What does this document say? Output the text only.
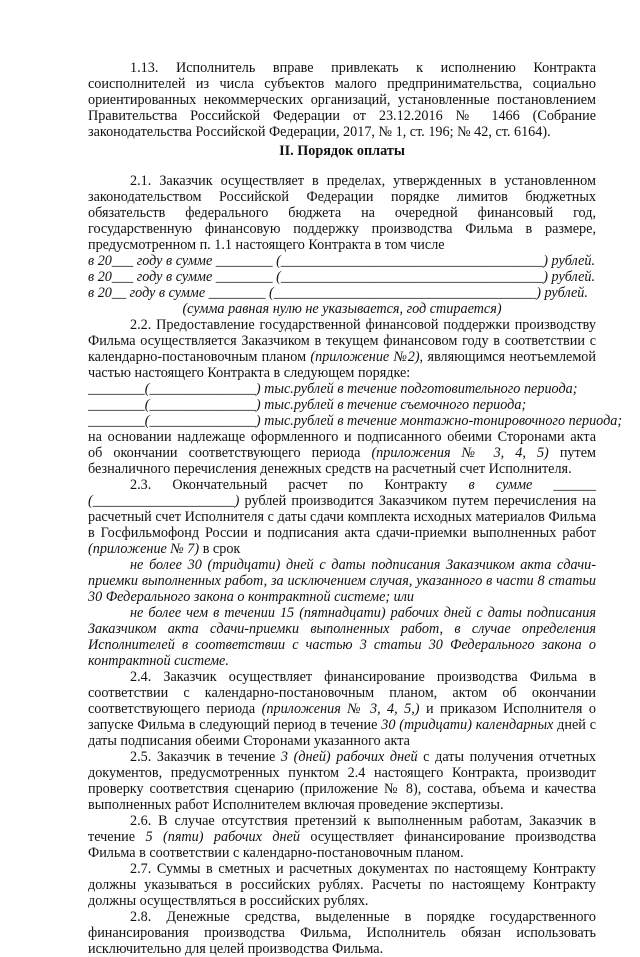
1.13. Исполнитель вправе привлекать к исполнению Контракта соисполнителей из числа субъектов малого предпринимательства, социально ориентированных некоммерческих организаций, установленные постановлением Правительства Российской Федерации от 23.12.2016 № 1466 (Собрание законодательства Российской Федерации, 2017, № 1, ст. 196; № 42, ст. 6164).

II. Порядок оплаты

2.1. Заказчик осуществляет в пределах, утвержденных в установленном законодательством Российской Федерации порядке лимитов бюджетных обязательств федерального бюджета на очередной финансовый год, государственную финансовую поддержку производства Фильма в размере, предусмотренном п. 1.1 настоящего Контракта в том числе

в 20___ году в сумме ________ (_____________________________________) рублей.
в 20___ году в сумме ________ (_____________________________________) рублей.
в 20__ году в сумме ________ (_____________________________________) рублей.
(сумма равная нулю не указывается, год стирается)

2.2. Предоставление государственной финансовой поддержки производству Фильма осуществляется Заказчиком в текущем финансовом году в соответствии с календарно-постановочным планом (приложение №2), являющимся неотъемлемой частью настоящего Контракта в следующем порядке:

________(_______________) тыс.рублей в течение подготовительного периода;
________(_______________) тыс.рублей в течение съемочного периода;
________(_______________) тыс.рублей в течение монтажно-тонировочного периода;

на основании надлежаще оформленного и подписанного обеими Сторонами акта об окончании соответствующего периода (приложения № 3, 4, 5) путем безналичного перечисления денежных средств на расчетный счет Исполнителя.

2.3. Окончательный расчет по Контракту в сумме ______ (____________________) рублей производится Заказчиком путем перечисления на расчетный счет Исполнителя с даты сдачи комплекта исходных материалов Фильма в Госфильмофонд России и подписания акта сдачи-приемки выполненных работ (приложение № 7) в срок

не более 30 (тридцати) дней с даты подписания Заказчиком акта сдачи-приемки выполненных работ, за исключением случая, указанного в части 8 статьи 30 Федерального закона о контрактной системе; или

не более чем в течении 15 (пятнадцати) рабочих дней с даты подписания Заказчиком акта сдачи-приемки выполненных работ, в случае определения Исполнителей в соответствии с частью 3 статьи 30 Федерального закона о контрактной системе.

2.4. Заказчик осуществляет финансирование производства Фильма в соответствии с календарно-постановочным планом, актом об окончании соответствующего периода (приложения № 3, 4, 5,) и приказом Исполнителя о запуске Фильма в следующий период в течение 30 (тридцати) календарных дней с даты подписания обеими Сторонами указанного акта

2.5. Заказчик в течение 3 (дней) рабочих дней с даты получения отчетных документов, предусмотренных пунктом 2.4 настоящего Контракта, производит проверку соответствия сценарию (приложение № 8), состава, объема и качества выполненных работ Исполнителем включая проведение экспертизы.

2.6. В случае отсутствия претензий к выполненным работам, Заказчик в течение 5 (пяти) рабочих дней осуществляет финансирование производства Фильма в соответствии с календарно-постановочным планом.

2.7. Суммы в сметных и расчетных документах по настоящему Контракту должны указываться в российских рублях. Расчеты по настоящему Контракту должны осуществляться в российских рублях.

2.8. Денежные средства, выделенные в порядке государственного финансирования производства Фильма, Исполнитель обязан использовать исключительно для целей производства Фильма.
